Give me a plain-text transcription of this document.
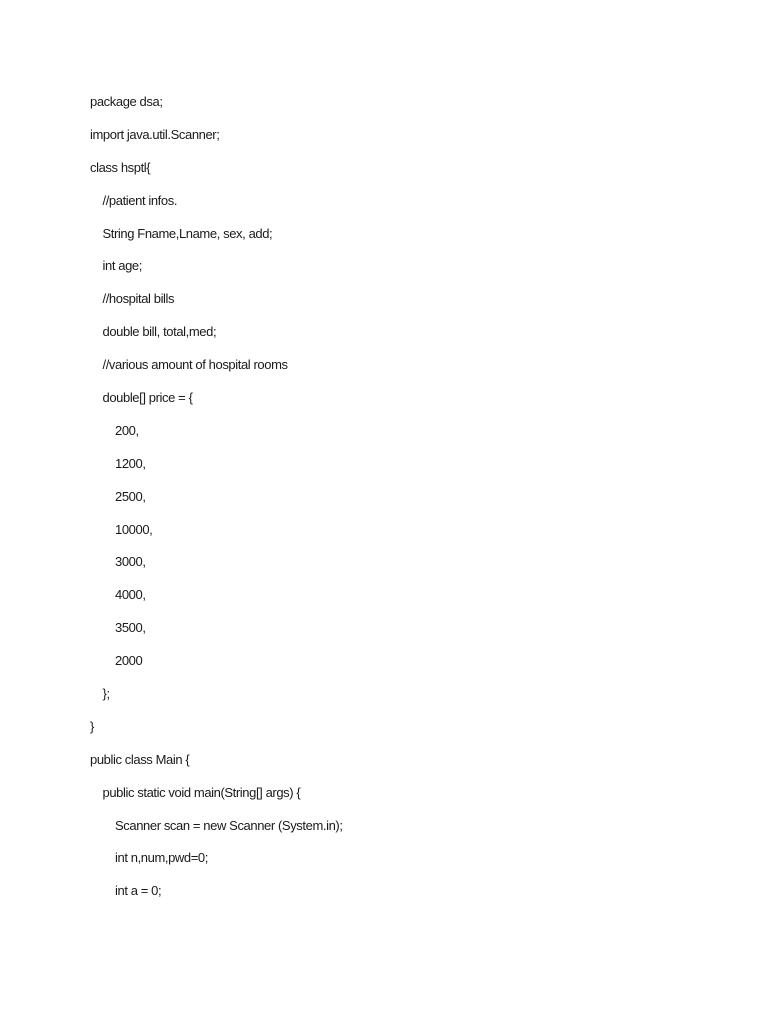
package dsa;
import java.util.Scanner;
class hsptl{
//patient infos.
String Fname,Lname, sex, add;
int age;
//hospital bills
double bill, total,med;
//various amount of hospital rooms
double[] price = {
200,
1200,
2500,
10000,
3000,
4000,
3500,
2000
};
}
public class Main {
public static void main(String[] args) {
Scanner scan = new Scanner (System.in);
int n,num,pwd=0;
int a = 0;
